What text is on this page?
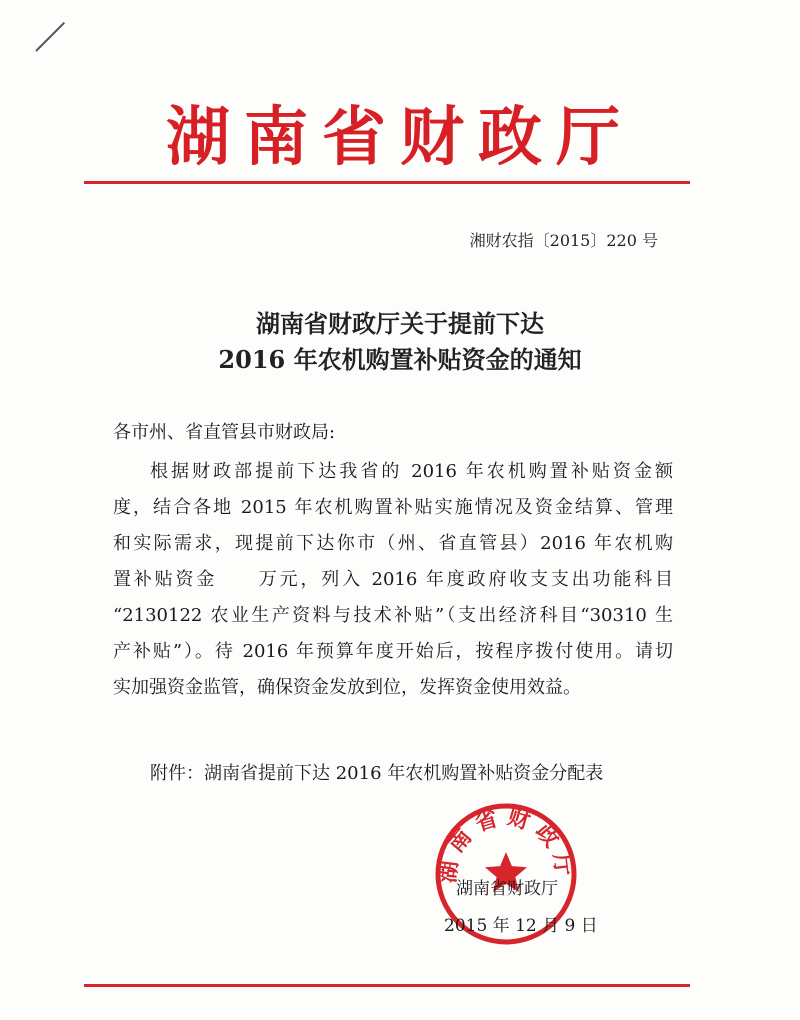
湖南省财政厅
湘财农指〔2015〕220 号
湖南省财政厅关于提前下达
2016 年农机购置补贴资金的通知
各市州、省直管县市财政局:
根据财政部提前下达我省的 2016 年农机购置补贴资金额
度，结合各地 2015 年农机购置补贴实施情况及资金结算、管理
和实际需求，现提前下达你市（州、省直管县）2016 年农机购
置补贴资金　　万元，列入 2016 年度政府收支支出功能科目
“2130122 农业生产资料与技术补贴”（支出经济科目“30310 生
产补贴”）。待 2016 年预算年度开始后，按程序拨付使用。请切
实加强资金监管，确保资金发放到位，发挥资金使用效益。
附件：湖南省提前下达 2016 年农机购置补贴资金分配表
湖南省财政厅
湖南省财政厅
2015 年 12 月 9 日
